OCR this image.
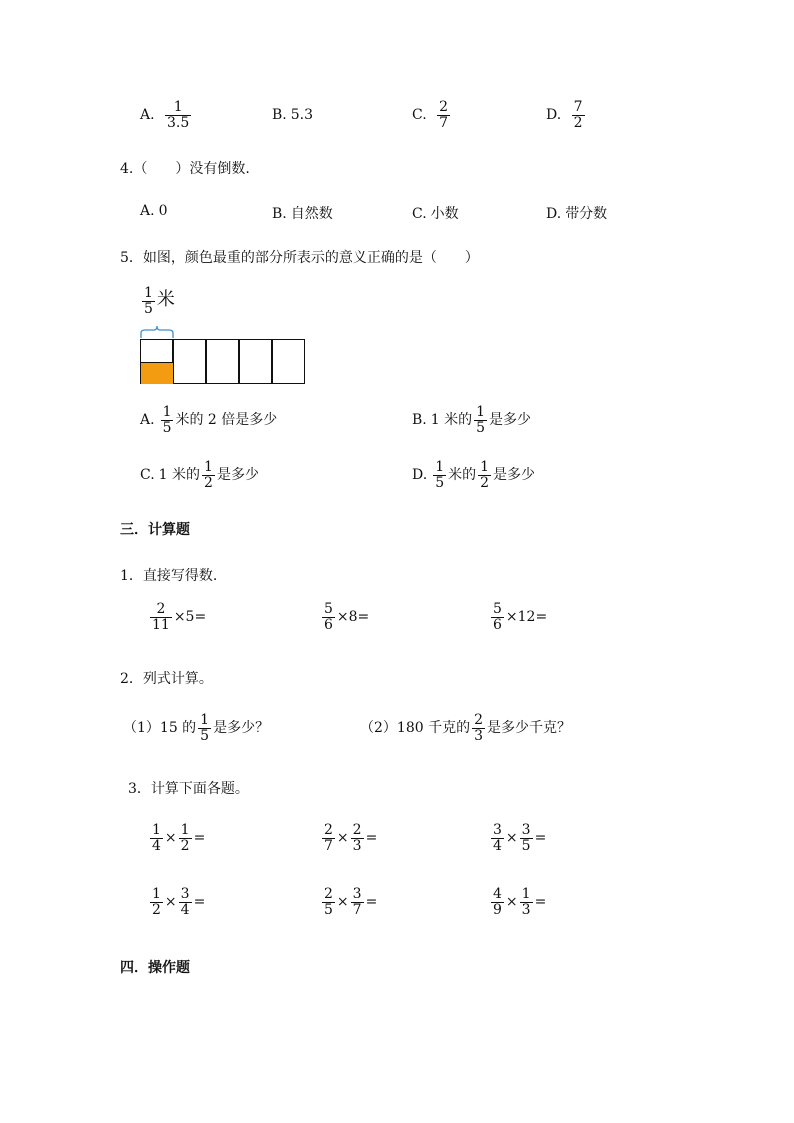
A. $\frac{1}{3.5}$	B. 5.3	C. $\frac{2}{7}$	D. $\frac{7}{2}$
4.（　　）没有倒数.
A. 0	B. 自然数	C. 小数	D. 带分数
5．如图，颜色最重的部分所表示的意义正确的是（　　）
$\frac{1}{5}$ 米
A. $\frac{1}{5}$ 米的 2 倍是多少	B. 1 米的 $\frac{1}{5}$ 是多少
C. 1 米的 $\frac{1}{2}$ 是多少	D. $\frac{1}{5}$ 米的 $\frac{1}{2}$ 是多少
三．计算题
1．直接写得数.
$\frac{2}{11} \times 5=$	$\frac{5}{6} \times 8=$	$\frac{5}{6} \times 12=$
2．列式计算。
（1）15 的 $\frac{1}{5}$ 是多少？	（2）180 千克的 $\frac{2}{3}$ 是多少千克？
3．计算下面各题。
$\frac{1}{4} \times \frac{1}{2}$ =	$\frac{2}{7} \times \frac{2}{3}$ =	$\frac{3}{4} \times \frac{3}{5}$ =
$\frac{1}{2} \times \frac{3}{4}$ =	$\frac{2}{5} \times \frac{3}{7}$ =	$\frac{4}{9} \times \frac{1}{3}$ =
四．操作题
